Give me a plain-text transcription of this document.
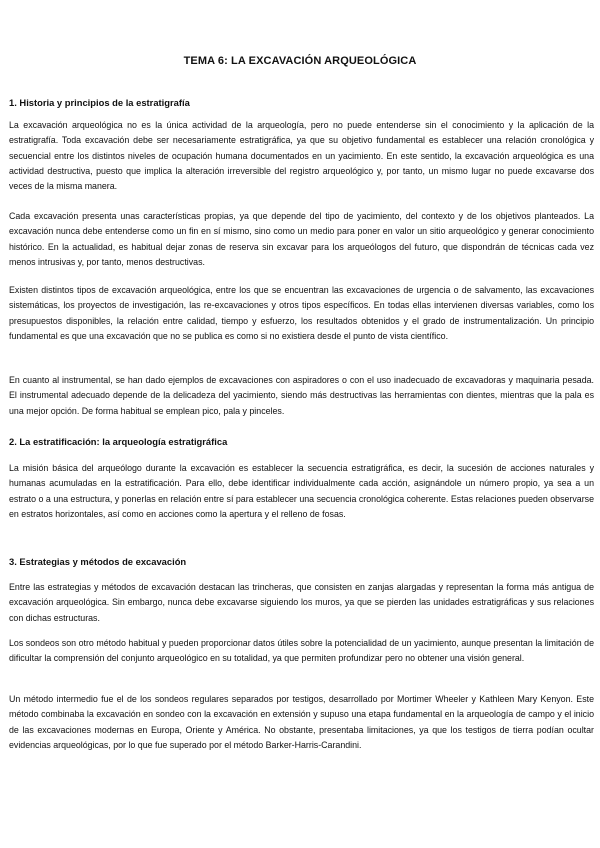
TEMA 6: LA EXCAVACIÓN ARQUEOLÓGICA
1. Historia y principios de la estratigrafía
La excavación arqueológica no es la única actividad de la arqueología, pero no puede entenderse sin el conocimiento y la aplicación de la estratigrafía. Toda excavación debe ser necesariamente estratigráfica, ya que su objetivo fundamental es establecer una relación cronológica y secuencial entre los distintos niveles de ocupación humana documentados en un yacimiento. En este sentido, la excavación arqueológica es una actividad destructiva, puesto que implica la alteración irreversible del registro arqueológico y, por tanto, un mismo lugar no puede excavarse dos veces de la misma manera.
Cada excavación presenta unas características propias, ya que depende del tipo de yacimiento, del contexto y de los objetivos planteados. La excavación nunca debe entenderse como un fin en sí mismo, sino como un medio para poner en valor un sitio arqueológico y generar conocimiento histórico. En la actualidad, es habitual dejar zonas de reserva sin excavar para los arqueólogos del futuro, que dispondrán de técnicas cada vez menos intrusivas y, por tanto, menos destructivas.
Existen distintos tipos de excavación arqueológica, entre los que se encuentran las excavaciones de urgencia o de salvamento, las excavaciones sistemáticas, los proyectos de investigación, las re-excavaciones y otros tipos específicos. En todas ellas intervienen diversas variables, como los presupuestos disponibles, la relación entre calidad, tiempo y esfuerzo, los resultados obtenidos y el grado de instrumentalización. Un principio fundamental es que una excavación que no se publica es como si no existiera desde el punto de vista científico.
En cuanto al instrumental, se han dado ejemplos de excavaciones con aspiradores o con el uso inadecuado de excavadoras y maquinaria pesada. El instrumental adecuado depende de la delicadeza del yacimiento, siendo más destructivas las herramientas con dientes, mientras que la pala es una mejor opción. De forma habitual se emplean pico, pala y pinceles.
2. La estratificación: la arqueología estratigráfica
La misión básica del arqueólogo durante la excavación es establecer la secuencia estratigráfica, es decir, la sucesión de acciones naturales y humanas acumuladas en la estratificación. Para ello, debe identificar individualmente cada acción, asignándole un número propio, ya sea a un estrato o a una estructura, y ponerlas en relación entre sí para establecer una secuencia cronológica coherente. Estas relaciones pueden observarse en estratos horizontales, así como en acciones como la apertura y el relleno de fosas.
3. Estrategias y métodos de excavación
Entre las estrategias y métodos de excavación destacan las trincheras, que consisten en zanjas alargadas y representan la forma más antigua de excavación arqueológica. Sin embargo, nunca debe excavarse siguiendo los muros, ya que se pierden las unidades estratigráficas y sus relaciones con dichas estructuras.
Los sondeos son otro método habitual y pueden proporcionar datos útiles sobre la potencialidad de un yacimiento, aunque presentan la limitación de dificultar la comprensión del conjunto arqueológico en su totalidad, ya que permiten profundizar pero no obtener una visión general.
Un método intermedio fue el de los sondeos regulares separados por testigos, desarrollado por Mortimer Wheeler y Kathleen Mary Kenyon. Este método combinaba la excavación en sondeo con la excavación en extensión y supuso una etapa fundamental en la arqueología de campo y el inicio de las excavaciones modernas en Europa, Oriente y América. No obstante, presentaba limitaciones, ya que los testigos de tierra podían ocultar evidencias arqueológicas, por lo que fue superado por el método Barker-Harris-Carandini.
